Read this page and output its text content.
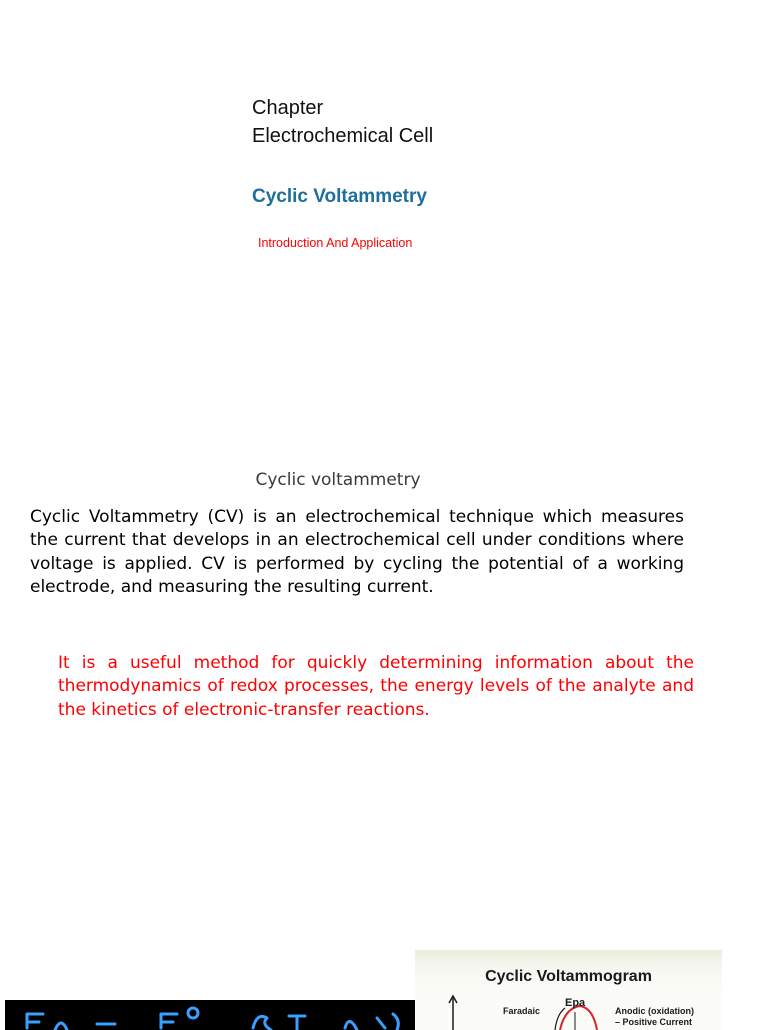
Chapter
Electrochemical Cell
Cyclic Voltammetry
Introduction And Application
Cyclic voltammetry
Cyclic Voltammetry (CV) is an electrochemical technique which measures the current that develops in an electrochemical cell under conditions where voltage is applied. CV is performed by cycling the potential of a working electrode, and measuring the resulting current.
It is a useful method for quickly determining information about the thermodynamics of redox processes, the energy levels of the analyte and the kinetics of electronic-transfer reactions.
Cyclic Voltammogram
Faradaic
Epa
Anodic (oxidation)
– Positive Current
